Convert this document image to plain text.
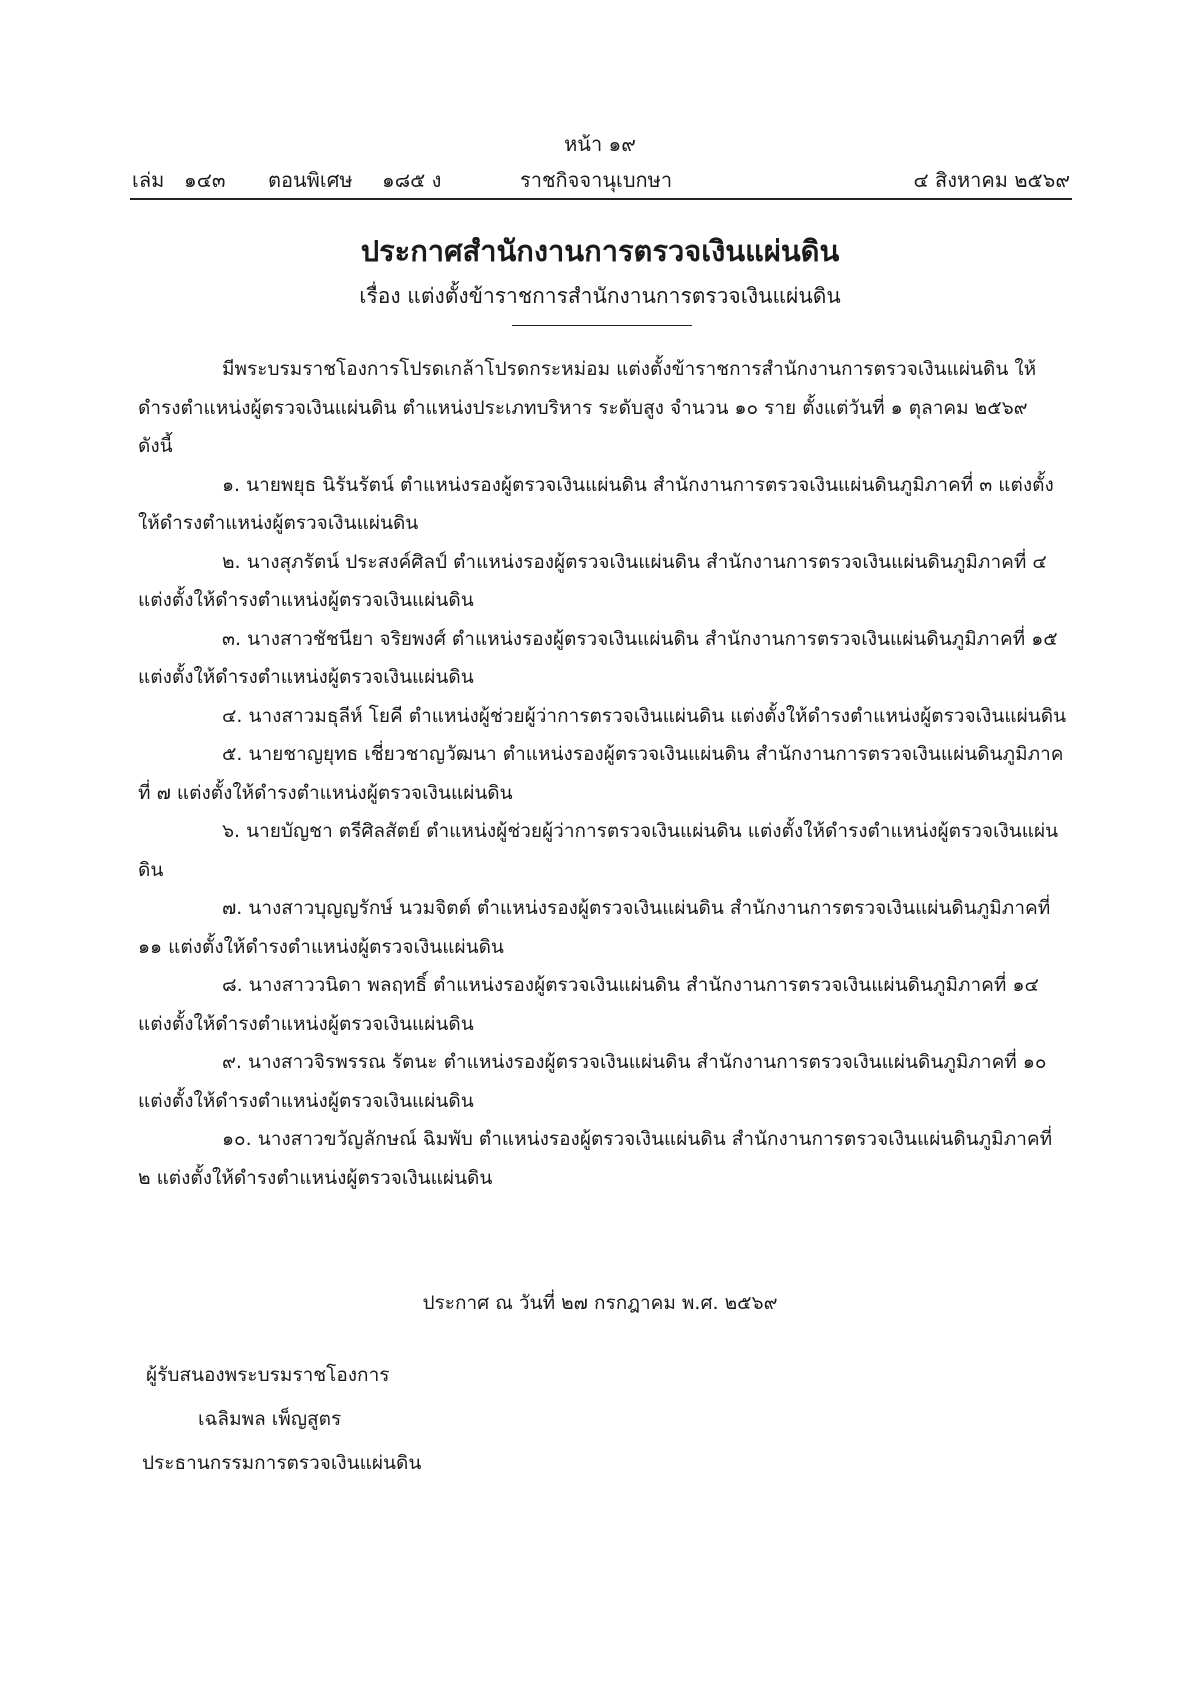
หน้า ๑๙
เล่ม ๑๔๓ ตอนพิเศษ ๑๘๕ ง	ราชกิจจานุเบกษา	๔ สิงหาคม ๒๕๖๙
ประกาศสำนักงานการตรวจเงินแผ่นดิน
เรื่อง แต่งตั้งข้าราชการสำนักงานการตรวจเงินแผ่นดิน

มีพระบรมราชโองการโปรดเกล้าโปรดกระหม่อม แต่งตั้งข้าราชการสำนักงานการตรวจเงินแผ่นดิน ให้ดำรงตำแหน่งผู้ตรวจเงินแผ่นดิน ตำแหน่งประเภทบริหาร ระดับสูง จำนวน ๑๐ ราย ตั้งแต่วันที่ ๑ ตุลาคม ๒๕๖๙ ดังนี้

๑. นายพยุธ นิรันรัตน์ ตำแหน่งรองผู้ตรวจเงินแผ่นดิน สำนักงานการตรวจเงินแผ่นดินภูมิภาคที่ ๓ แต่งตั้งให้ดำรงตำแหน่งผู้ตรวจเงินแผ่นดิน

๒. นางสุภรัตน์ ประสงค์ศิลป์ ตำแหน่งรองผู้ตรวจเงินแผ่นดิน สำนักงานการตรวจเงินแผ่นดินภูมิภาคที่ ๔ แต่งตั้งให้ดำรงตำแหน่งผู้ตรวจเงินแผ่นดิน

๓. นางสาวชัชนียา จริยพงศ์ ตำแหน่งรองผู้ตรวจเงินแผ่นดิน สำนักงานการตรวจเงินแผ่นดินภูมิภาคที่ ๑๕ แต่งตั้งให้ดำรงตำแหน่งผู้ตรวจเงินแผ่นดิน

๔. นางสาวมธุลีห์ โยคี ตำแหน่งผู้ช่วยผู้ว่าการตรวจเงินแผ่นดิน แต่งตั้งให้ดำรงตำแหน่งผู้ตรวจเงินแผ่นดิน

๕. นายชาญยุทธ เชี่ยวชาญวัฒนา ตำแหน่งรองผู้ตรวจเงินแผ่นดิน สำนักงานการตรวจเงินแผ่นดินภูมิภาคที่ ๗ แต่งตั้งให้ดำรงตำแหน่งผู้ตรวจเงินแผ่นดิน

๖. นายบัญชา ตรีศิลสัตย์ ตำแหน่งผู้ช่วยผู้ว่าการตรวจเงินแผ่นดิน แต่งตั้งให้ดำรงตำแหน่งผู้ตรวจเงินแผ่นดิน

๗. นางสาวบุญญรักษ์ นวมจิตต์ ตำแหน่งรองผู้ตรวจเงินแผ่นดิน สำนักงานการตรวจเงินแผ่นดินภูมิภาคที่ ๑๑ แต่งตั้งให้ดำรงตำแหน่งผู้ตรวจเงินแผ่นดิน

๘. นางสาววนิดา พลฤทธิ์ ตำแหน่งรองผู้ตรวจเงินแผ่นดิน สำนักงานการตรวจเงินแผ่นดินภูมิภาคที่ ๑๔ แต่งตั้งให้ดำรงตำแหน่งผู้ตรวจเงินแผ่นดิน

๙. นางสาวจิรพรรณ รัตนะ ตำแหน่งรองผู้ตรวจเงินแผ่นดิน สำนักงานการตรวจเงินแผ่นดินภูมิภาคที่ ๑๐ แต่งตั้งให้ดำรงตำแหน่งผู้ตรวจเงินแผ่นดิน

๑๐. นางสาวขวัญลักษณ์ ฉิมพับ ตำแหน่งรองผู้ตรวจเงินแผ่นดิน สำนักงานการตรวจเงินแผ่นดินภูมิภาคที่ ๒ แต่งตั้งให้ดำรงตำแหน่งผู้ตรวจเงินแผ่นดิน

ประกาศ ณ วันที่ ๒๗ กรกฎาคม พ.ศ. ๒๕๖๙
ผู้รับสนองพระบรมราชโองการ
เฉลิมพล เพ็ญสูตร
ประธานกรรมการตรวจเงินแผ่นดิน
